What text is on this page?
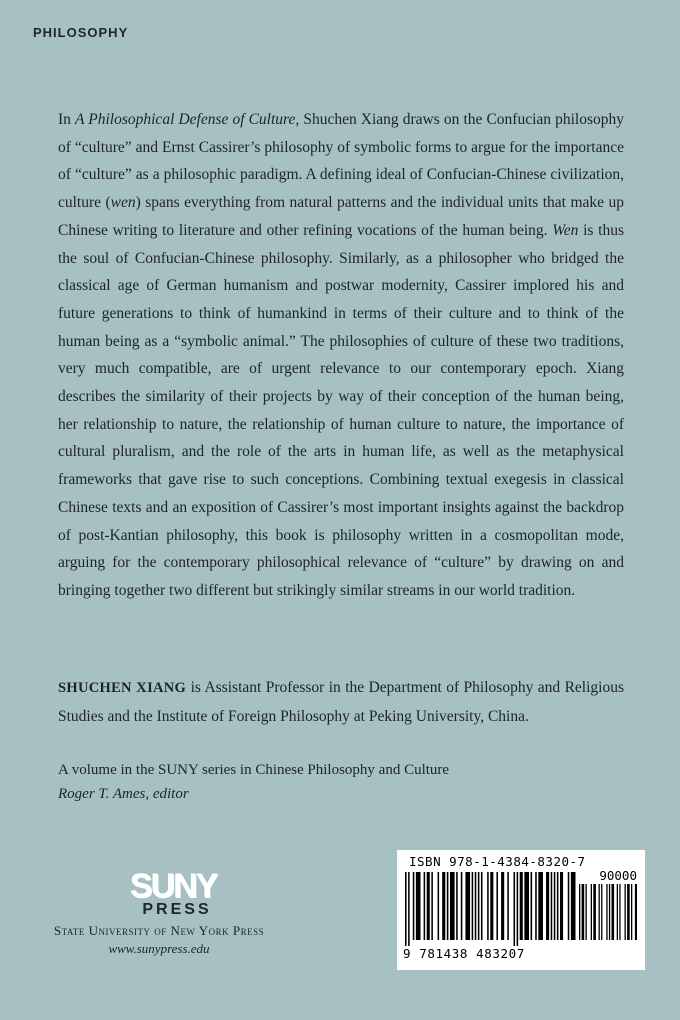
PHILOSOPHY

In A Philosophical Defense of Culture, Shuchen Xiang draws on the Confucian philosophy of “culture” and Ernst Cassirer’s philosophy of symbolic forms to argue for the importance of “culture” as a philosophic paradigm. A defining ideal of Confucian-Chinese civilization, culture (wen) spans everything from natural patterns and the individual units that make up Chinese writing to literature and other refining vocations of the human being. Wen is thus the soul of Confucian-Chinese philosophy. Similarly, as a philosopher who bridged the classical age of German humanism and postwar modernity, Cassirer implored his and future generations to think of humankind in terms of their culture and to think of the human being as a “symbolic animal.” The philosophies of culture of these two traditions, very much compatible, are of urgent relevance to our contemporary epoch. Xiang describes the similarity of their projects by way of their conception of the human being, her relationship to nature, the relationship of human culture to nature, the importance of cultural pluralism, and the role of the arts in human life, as well as the metaphysical frameworks that gave rise to such conceptions. Combining textual exegesis in classical Chinese texts and an exposition of Cassirer’s most important insights against the backdrop of post-Kantian philosophy, this book is philosophy written in a cosmopolitan mode, arguing for the contemporary philosophical relevance of “culture” by drawing on and bringing together two different but strikingly similar streams in our world tradition.

SHUCHEN XIANG is Assistant Professor in the Department of Philosophy and Religious Studies and the Institute of Foreign Philosophy at Peking University, China.

A volume in the SUNY series in Chinese Philosophy and Culture
Roger T. Ames, editor

SUNY
PRESS
State University of New York Press
www.sunypress.edu
ISBN 978-1-4384-8320-7
90000
9 781438 483207
